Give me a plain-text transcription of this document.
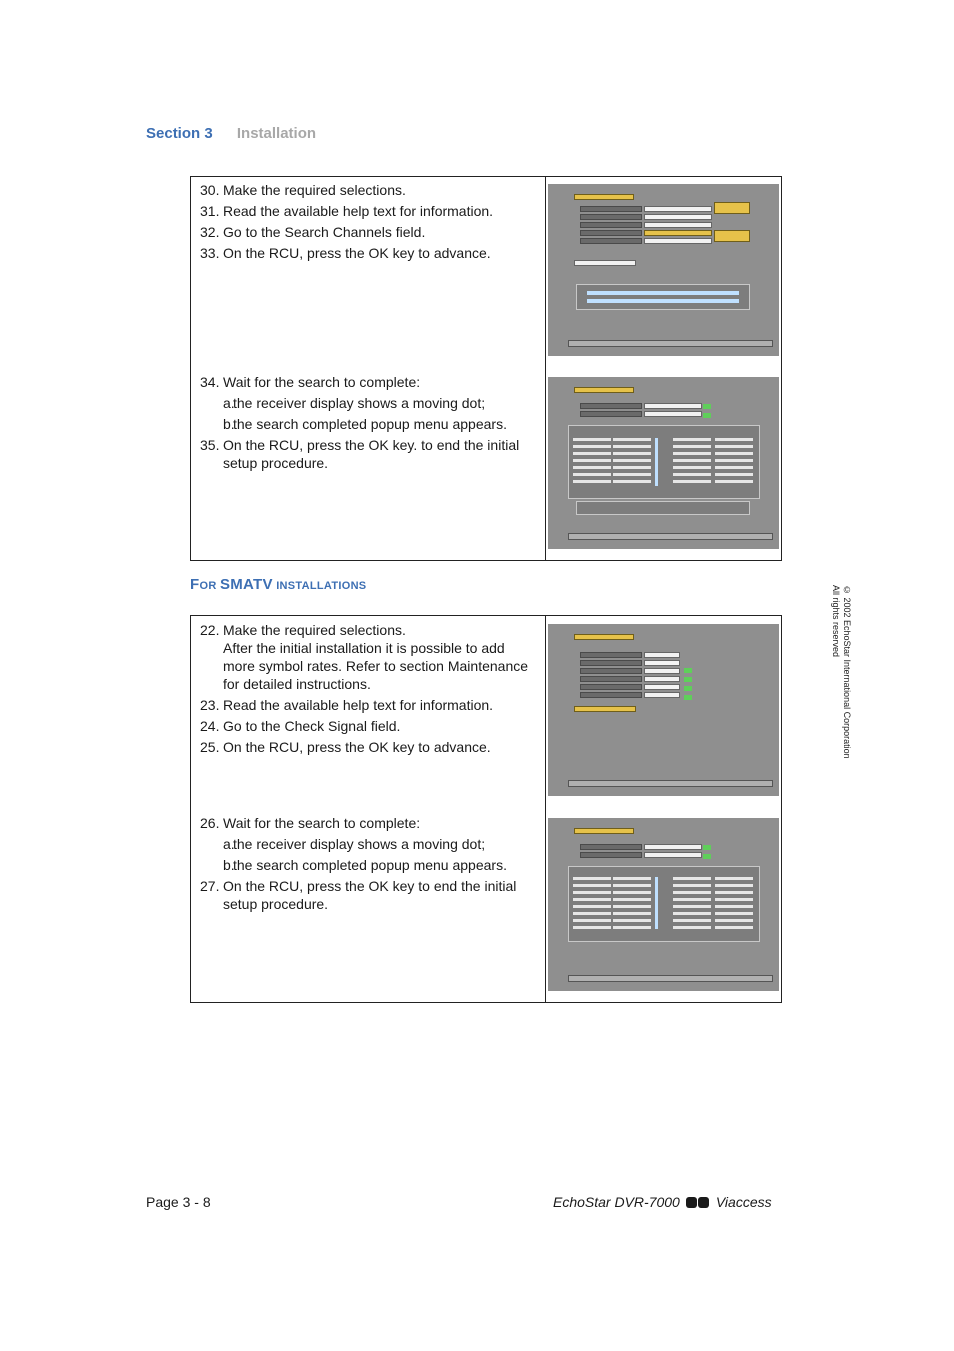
Section 3 Installation
30. Make the required selections.
31. Read the available help text for information.
32. Go to the Search Channels field.
33. On the RCU, press the OK key to advance.
34. Wait for the search to complete:
a.
the receiver display shows a moving dot;
b.
the search completed popup menu appears.
35. On the RCU, press the OK key. to end the initial setup procedure.
FOR SMATV INSTALLATIONS
22. Make the required selections.
After the initial installation it is possible to add more symbol rates. Refer to section Maintenance for detailed instructions.
23. Read the available help text for information.
24. Go to the Check Signal field.
25. On the RCU, press the OK key to advance.
26. Wait for the search to complete:
a.
the receiver display shows a moving dot;
b.
the search completed popup menu appears.
27. On the RCU, press the OK key to end the initial setup procedure.
© 2002 EchoStar International Corporation
All rights reserved
Page 3 - 8	EchoStar DVR-7000	Viaccess
